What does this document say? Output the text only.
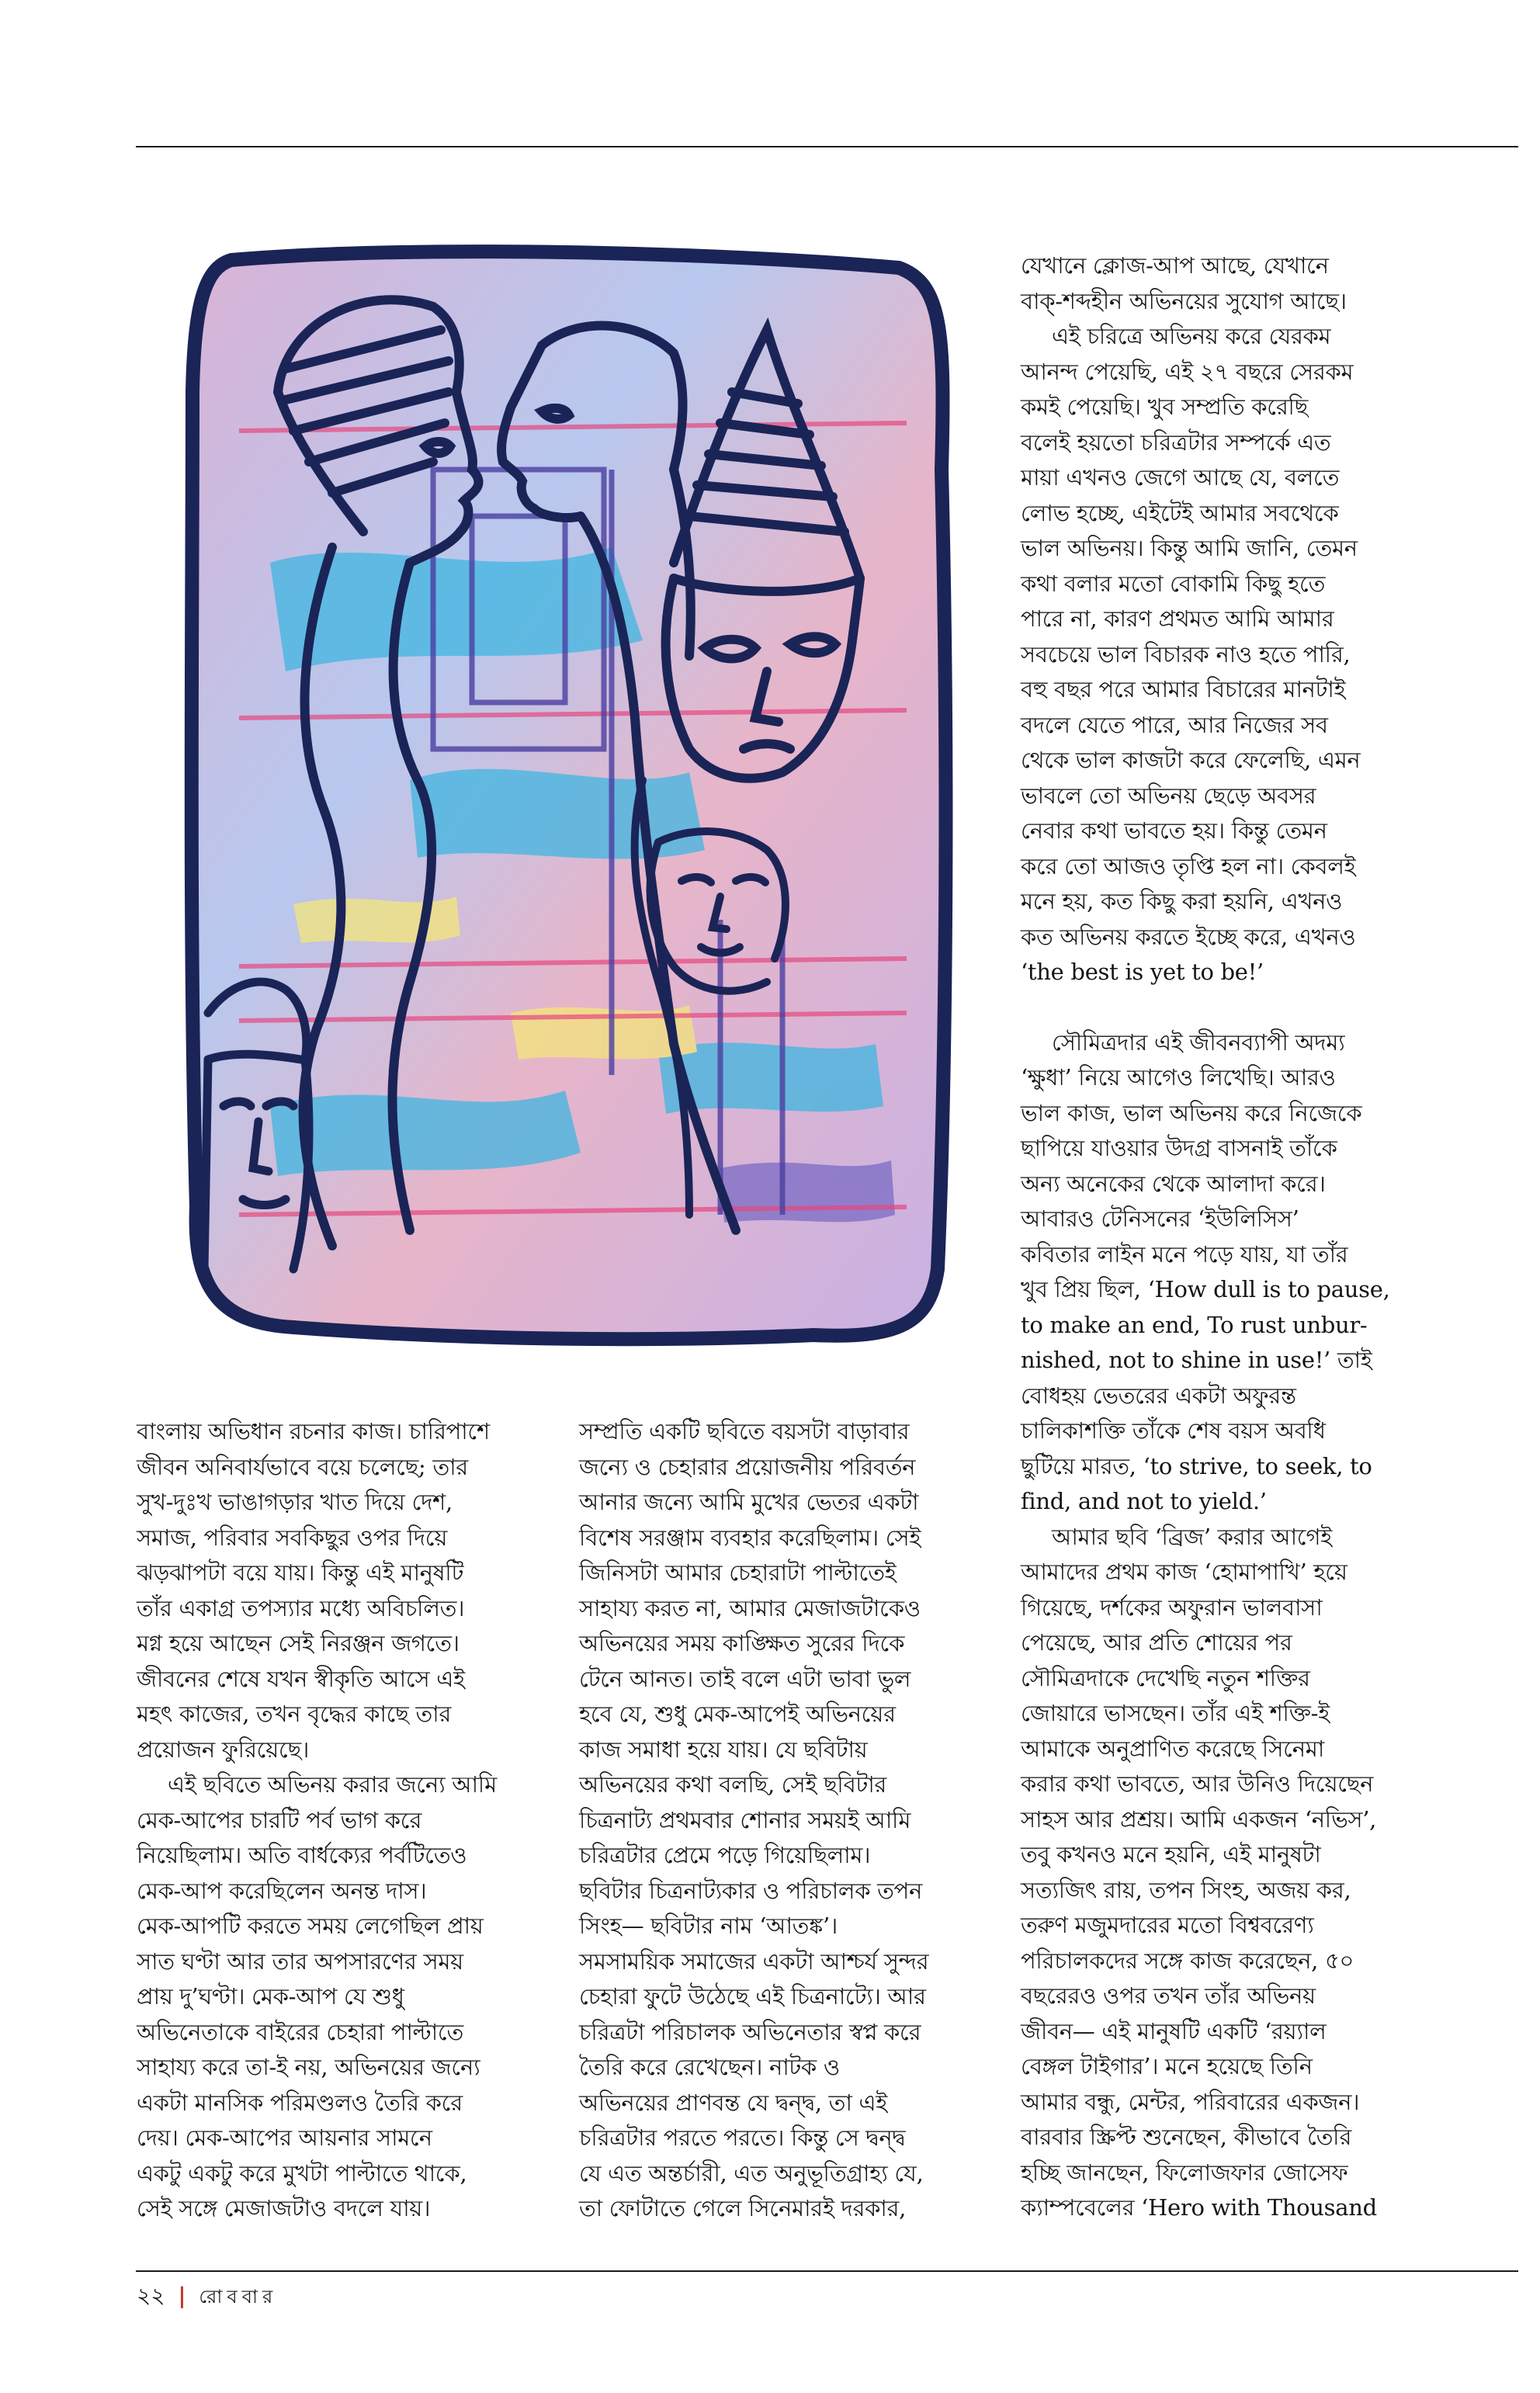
বাংলায় অভিধান রচনার কাজ। চারিপাশে
জীবন অনিবার্যভাবে বয়ে চলেছে; তার
সুখ-দুঃখ ভাঙাগড়ার খাত দিয়ে দেশ,
সমাজ, পরিবার সবকিছুর ওপর দিয়ে
ঝড়ঝাপটা বয়ে যায়। কিন্তু এই মানুষটি
তাঁর একাগ্র তপস্যার মধ্যে অবিচলিত।
মগ্ন হয়ে আছেন সেই নিরঞ্জন জগতে।
জীবনের শেষে যখন স্বীকৃতি আসে এই
মহৎ কাজের, তখন বৃদ্ধের কাছে তার
প্রয়োজন ফুরিয়েছে।
এই ছবিতে অভিনয় করার জন্যে আমি
মেক-আপের চারটি পর্ব ভাগ করে
নিয়েছিলাম। অতি বার্ধক্যের পর্বটিতেও
মেক-আপ করেছিলেন অনন্ত দাস।
মেক-আপটি করতে সময় লেগেছিল প্রায়
সাত ঘণ্টা আর তার অপসারণের সময়
প্রায় দু’ঘণ্টা। মেক-আপ যে শুধু
অভিনেতাকে বাইরের চেহারা পাল্টাতে
সাহায্য করে তা-ই নয়, অভিনয়ের জন্যে
একটা মানসিক পরিমণ্ডলও তৈরি করে
দেয়। মেক-আপের আয়নার সামনে
একটু একটু করে মুখটা পাল্টাতে থাকে,
সেই সঙ্গে মেজাজটাও বদলে যায়।
সম্প্রতি একটি ছবিতে বয়সটা বাড়াবার
জন্যে ও চেহারার প্রয়োজনীয় পরিবর্তন
আনার জন্যে আমি মুখের ভেতর একটা
বিশেষ সরঞ্জাম ব্যবহার করেছিলাম। সেই
জিনিসটা আমার চেহারাটা পাল্টাতেই
সাহায্য করত না, আমার মেজাজটাকেও
অভিনয়ের সময় কাঙ্ক্ষিত সুরের দিকে
টেনে আনত। তাই বলে এটা ভাবা ভুল
হবে যে, শুধু মেক-আপেই অভিনয়ের
কাজ সমাধা হয়ে যায়। যে ছবিটায়
অভিনয়ের কথা বলছি, সেই ছবিটার
চিত্রনাট্য প্রথমবার শোনার সময়ই আমি
চরিত্রটার প্রেমে পড়ে গিয়েছিলাম।
ছবিটার চিত্রনাট্যকার ও পরিচালক তপন
সিংহ— ছবিটার নাম ‘আতঙ্ক’।
সমসাময়িক সমাজের একটা আশ্চর্য সুন্দর
চেহারা ফুটে উঠেছে এই চিত্রনাট্যে। আর
চরিত্রটা পরিচালক অভিনেতার স্বপ্ন করে
তৈরি করে রেখেছেন। নাটক ও
অভিনয়ের প্রাণবন্ত যে দ্বন্দ্ব, তা এই
চরিত্রটার পরতে পরতে। কিন্তু সে দ্বন্দ্ব
যে এত অন্তর্চারী, এত অনুভূতিগ্রাহ্য যে,
তা ফোটাতে গেলে সিনেমারই দরকার,
যেখানে ক্লোজ-আপ আছে, যেখানে
বাক্-শব্দহীন অভিনয়ের সুযোগ আছে।
এই চরিত্রে অভিনয় করে যেরকম
আনন্দ পেয়েছি, এই ২৭ বছরে সেরকম
কমই পেয়েছি। খুব সম্প্রতি করেছি
বলেই হয়তো চরিত্রটার সম্পর্কে এত
মায়া এখনও জেগে আছে যে, বলতে
লোভ হচ্ছে, এইটেই আমার সবথেকে
ভাল অভিনয়। কিন্তু আমি জানি, তেমন
কথা বলার মতো বোকামি কিছু হতে
পারে না, কারণ প্রথমত আমি আমার
সবচেয়ে ভাল বিচারক নাও হতে পারি,
বহু বছর পরে আমার বিচারের মানটাই
বদলে যেতে পারে, আর নিজের সব
থেকে ভাল কাজটা করে ফেলেছি, এমন
ভাবলে তো অভিনয় ছেড়ে অবসর
নেবার কথা ভাবতে হয়। কিন্তু তেমন
করে তো আজও তৃপ্তি হল না। কেবলই
মনে হয়, কত কিছু করা হয়নি, এখনও
কত অভিনয় করতে ইচ্ছে করে, এখনও
‘the best is yet to be!’
সৌমিত্রদার এই জীবনব্যাপী অদম্য
‘ক্ষুধা’ নিয়ে আগেও লিখেছি। আরও
ভাল কাজ, ভাল অভিনয় করে নিজেকে
ছাপিয়ে যাওয়ার উদগ্র বাসনাই তাঁকে
অন্য অনেকের থেকে আলাদা করে।
আবারও টেনিসনের ‘ইউলিসিস’
কবিতার লাইন মনে পড়ে যায়, যা তাঁর
খুব প্রিয় ছিল, ‘How dull is to pause,
to make an end, To rust unbur-
nished, not to shine in use!’ তাই
বোধহয় ভেতরের একটা অফুরন্ত
চালিকাশক্তি তাঁকে শেষ বয়স অবধি
ছুটিয়ে মারত, ‘to strive, to seek, to
find, and not to yield.’
আমার ছবি ‘ব্রিজ’ করার আগেই
আমাদের প্রথম কাজ ‘হোমাপাখি’ হয়ে
গিয়েছে, দর্শকের অফুরান ভালবাসা
পেয়েছে, আর প্রতি শোয়ের পর
সৌমিত্রদাকে দেখেছি নতুন শক্তির
জোয়ারে ভাসছেন। তাঁর এই শক্তি-ই
আমাকে অনুপ্রাণিত করেছে সিনেমা
করার কথা ভাবতে, আর উনিও দিয়েছেন
সাহস আর প্রশ্রয়। আমি একজন ‘নভিস’,
তবু কখনও মনে হয়নি, এই মানুষটা
সত্যজিৎ রায়, তপন সিংহ, অজয় কর,
তরুণ মজুমদারের মতো বিশ্ববরেণ্য
পরিচালকদের সঙ্গে কাজ করেছেন, ৫০
বছরেরও ওপর তখন তাঁর অভিনয়
জীবন— এই মানুষটি একটি ‘রয়্যাল
বেঙ্গল টাইগার’। মনে হয়েছে তিনি
আমার বন্ধু, মেন্টর, পরিবারের একজন।
বারবার স্ক্রিপ্ট শুনেছেন, কীভাবে তৈরি
হচ্ছি জানছেন, ফিলোজফার জোসেফ
ক্যাম্পবেলের ‘Hero with Thousand
২২ | রোববার
